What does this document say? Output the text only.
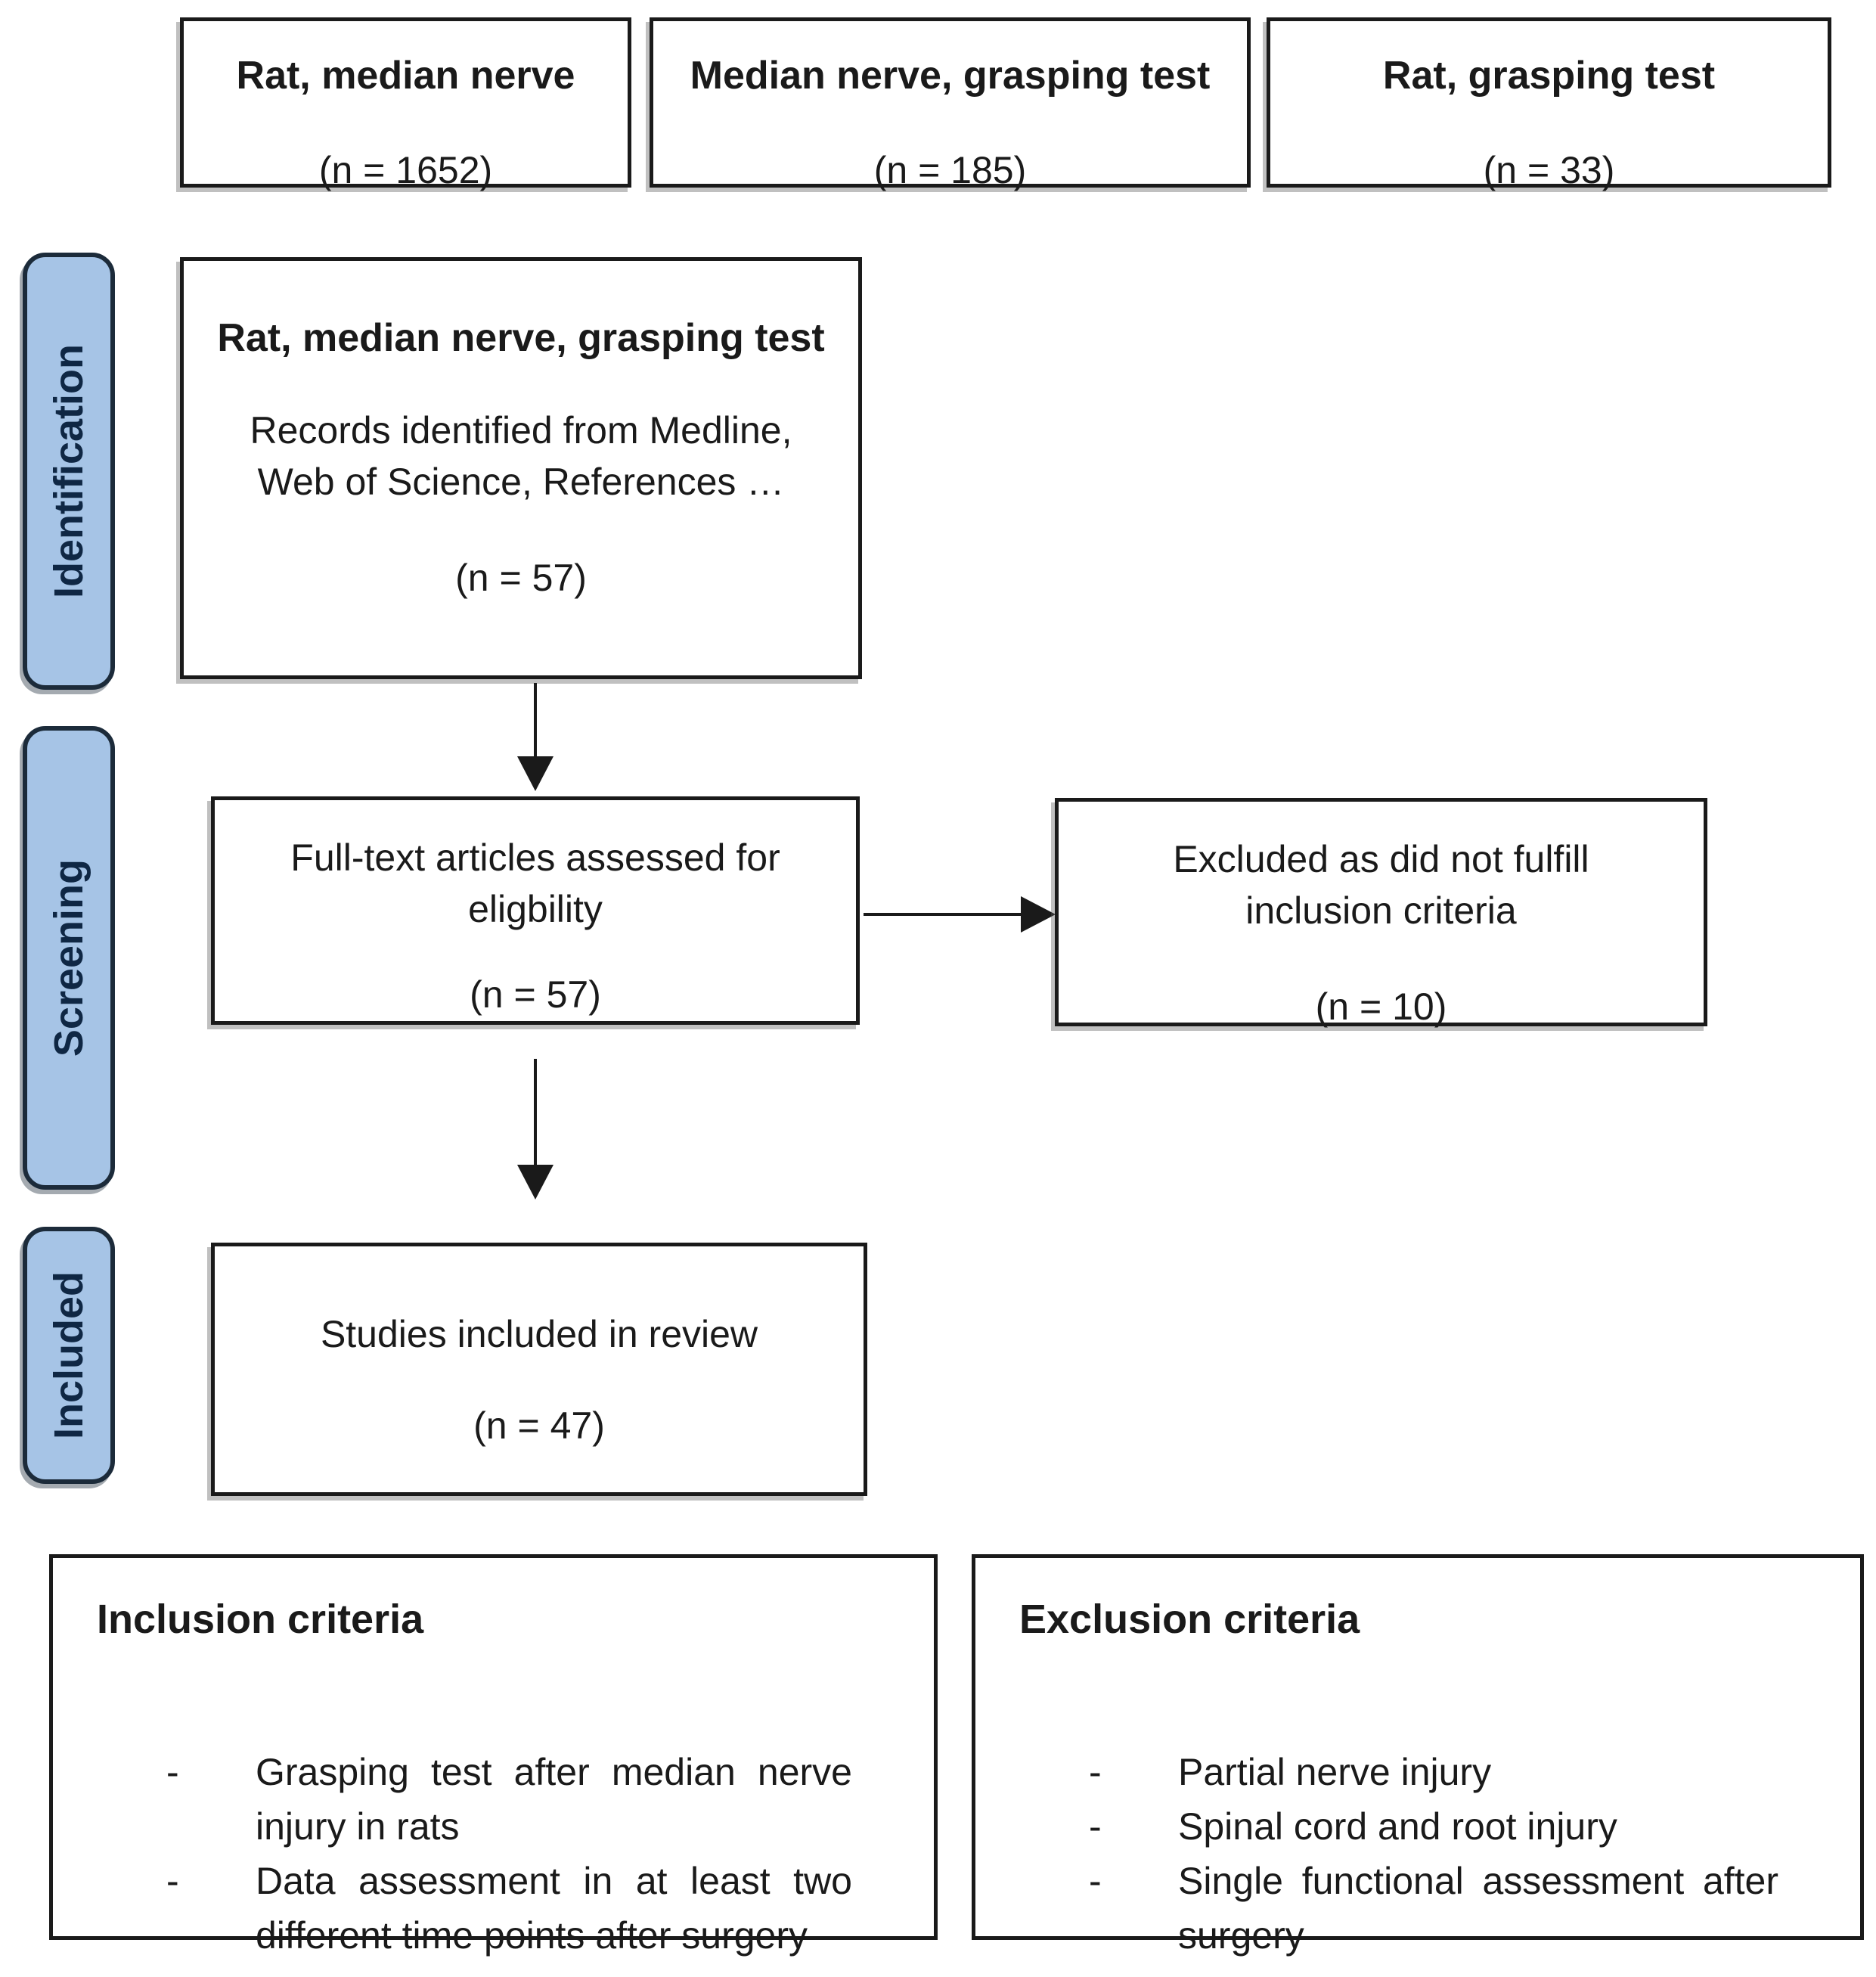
Rat, median nerve
(n = 1652)
Median nerve, grasping test
(n = 185)
Rat, grasping test
(n = 33)
Identification
Screening
Included
Rat, median nerve, grasping test
Records identified from Medline,
Web of Science, References …
(n = 57)
Full-text articles assessed for
eligbility
(n = 57)
Excluded as did not fulfill
inclusion criteria
(n = 10)
Studies included in review
(n = 47)
Inclusion criteria
-	Grasping test after median nerve injury in rats
-	Data assessment in at least two different time points after surgery
Exclusion criteria
-	Partial nerve injury
-	Spinal cord and root injury
-	Single functional assessment after surgery
